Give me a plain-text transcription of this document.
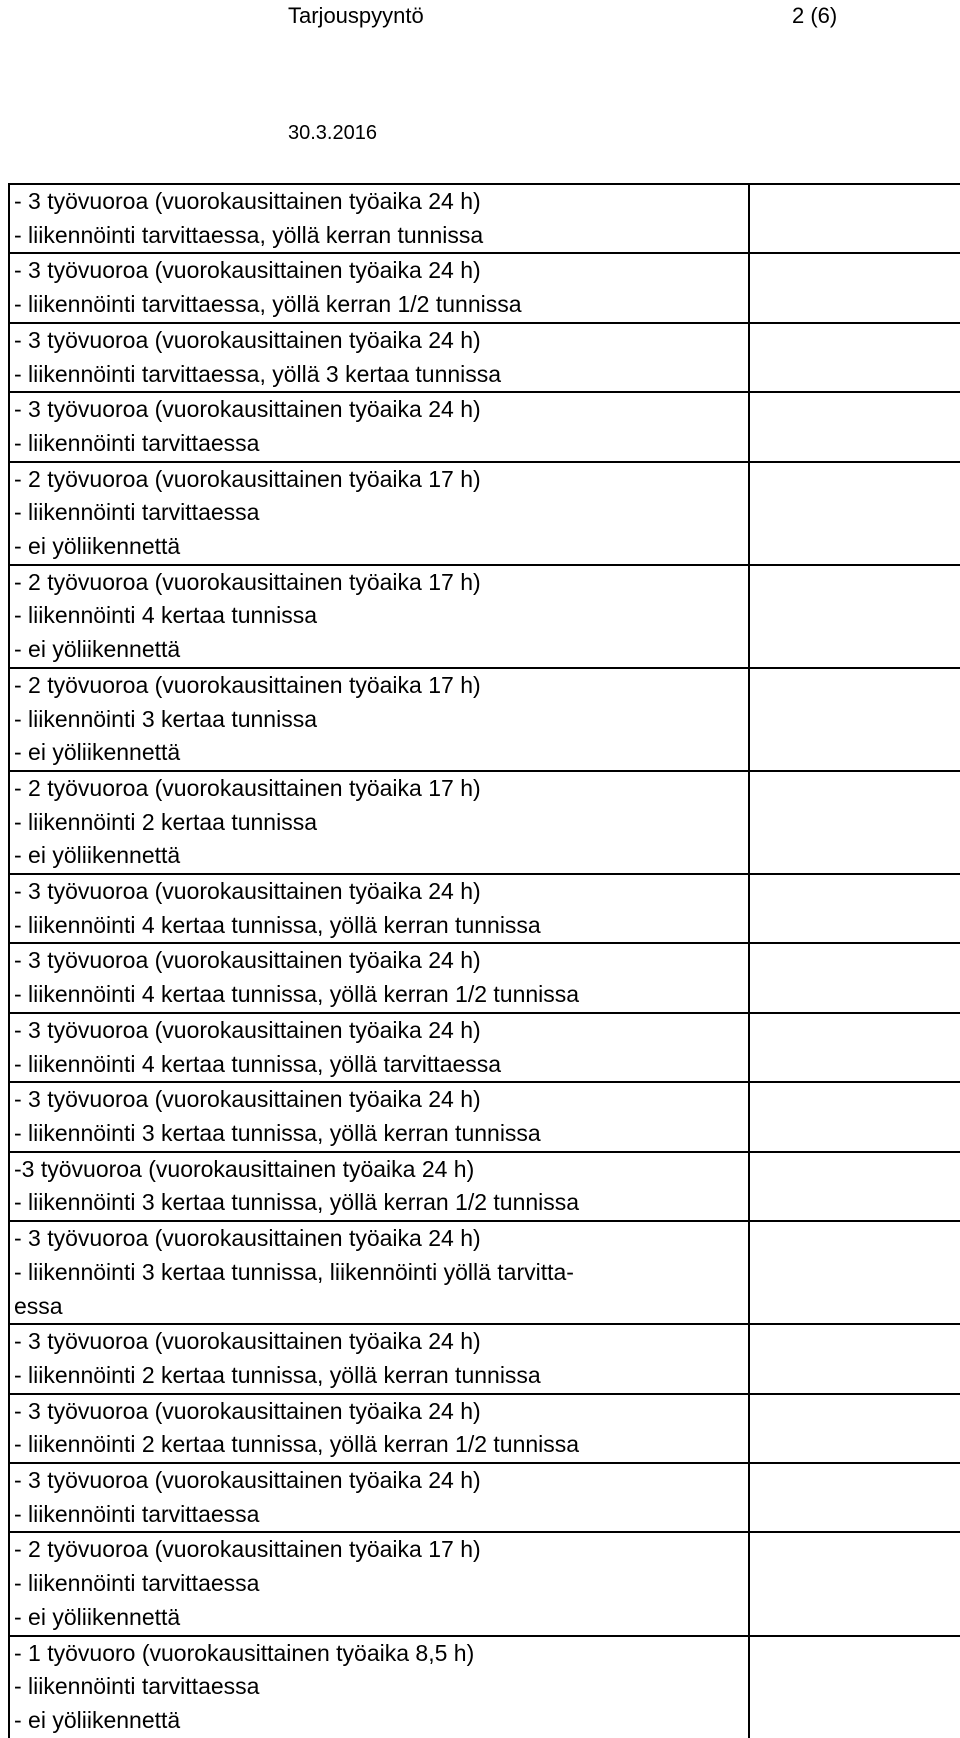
Tarjouspyyntö	2 (6)
30.3.2016
- 3 työvuoroa (vuorokausittainen työaika 24 h)
- liikennöinti tarvittaessa, yöllä kerran tunnissa	

- 3 työvuoroa (vuorokausittainen työaika 24 h)
- liikennöinti tarvittaessa, yöllä kerran 1/2 tunnissa	

- 3 työvuoroa (vuorokausittainen työaika 24 h)
- liikennöinti tarvittaessa, yöllä 3 kertaa tunnissa	

- 3 työvuoroa (vuorokausittainen työaika 24 h)
- liikennöinti tarvittaessa	

- 2 työvuoroa (vuorokausittainen työaika 17 h)
- liikennöinti tarvittaessa
- ei yöliikennettä	

- 2 työvuoroa (vuorokausittainen työaika 17 h)
- liikennöinti 4 kertaa tunnissa
- ei yöliikennettä	

- 2 työvuoroa (vuorokausittainen työaika 17 h)
- liikennöinti 3 kertaa tunnissa
- ei yöliikennettä	

- 2 työvuoroa (vuorokausittainen työaika 17 h)
- liikennöinti 2 kertaa tunnissa
- ei yöliikennettä	

- 3 työvuoroa (vuorokausittainen työaika 24 h)
- liikennöinti 4 kertaa tunnissa, yöllä kerran tunnissa	

- 3 työvuoroa (vuorokausittainen työaika 24 h)
- liikennöinti 4 kertaa tunnissa, yöllä kerran 1/2 tunnissa	

- 3 työvuoroa (vuorokausittainen työaika 24 h)
- liikennöinti 4 kertaa tunnissa, yöllä tarvittaessa	

- 3 työvuoroa (vuorokausittainen työaika 24 h)
- liikennöinti 3 kertaa tunnissa, yöllä kerran tunnissa	

-3 työvuoroa (vuorokausittainen työaika 24 h)
- liikennöinti 3 kertaa tunnissa, yöllä kerran 1/2 tunnissa	

- 3 työvuoroa (vuorokausittainen työaika 24 h)
- liikennöinti 3 kertaa tunnissa, liikennöinti yöllä tarvitta-
essa	

- 3 työvuoroa (vuorokausittainen työaika 24 h)
- liikennöinti 2 kertaa tunnissa, yöllä kerran tunnissa	

- 3 työvuoroa (vuorokausittainen työaika 24 h)
- liikennöinti 2 kertaa tunnissa, yöllä kerran 1/2 tunnissa	

- 3 työvuoroa (vuorokausittainen työaika 24 h)
- liikennöinti tarvittaessa	

- 2 työvuoroa (vuorokausittainen työaika 17 h)
- liikennöinti tarvittaessa
- ei yöliikennettä	

- 1 työvuoro (vuorokausittainen työaika 8,5 h)
- liikennöinti tarvittaessa
- ei yöliikennettä	
